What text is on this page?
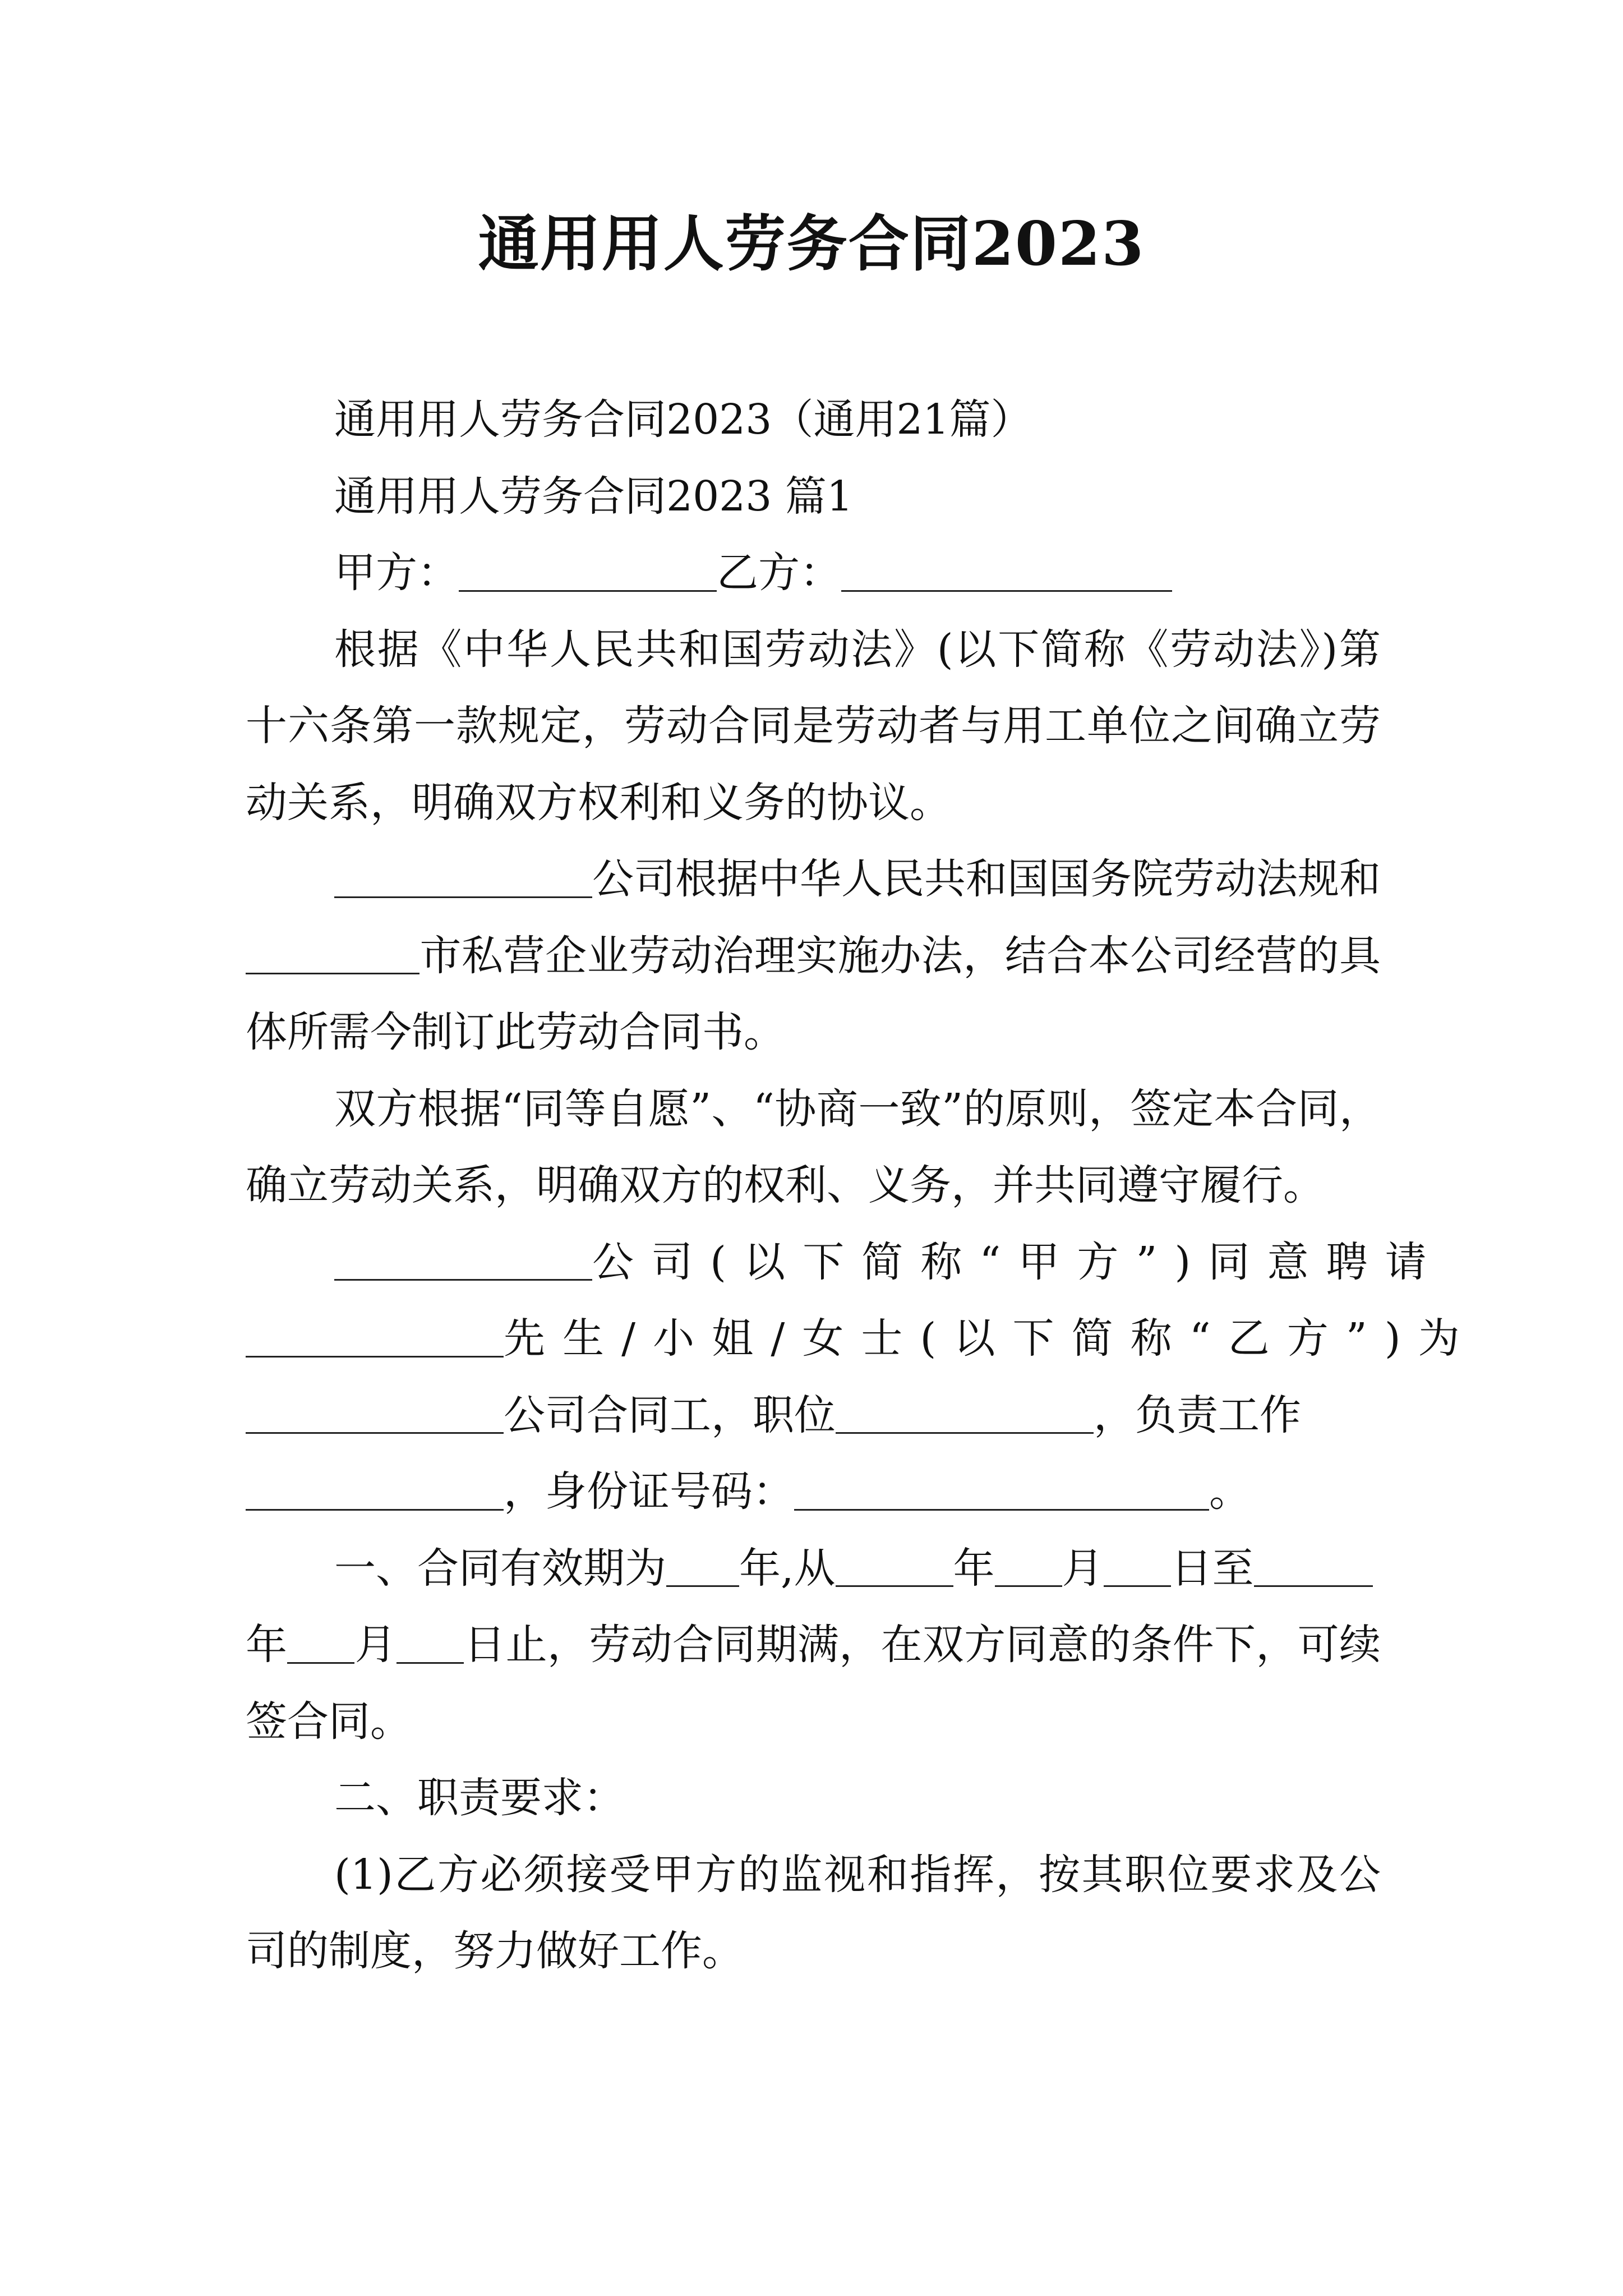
通用用人劳务合同2023

通用用人劳务合同2023（通用21篇）

通用用人劳务合同2023 篇1

甲方：	乙方：

根据《中华人民共和国劳动法》(以下简称《劳动法》)第十六条第一款规定，劳动合同是劳动者与用工单位之间确立劳动关系，明确双方权利和义务的协议。

公司根据中华人民共和国国务院劳动法规和市私营企业劳动治理实施办法，结合本公司经营的具体所需今制订此劳动合同书。

双方根据“同等自愿”、“协商一致”的原则，签定本合同，确立劳动关系，明确双方的权利、义务，并共同遵守履行。

公司(以下简称“甲方”)同意聘请

先生/小姐/女士(以下简称“乙方”)为

公司合同工，职位	，负责工作

，身份证号码：	。

一、合同有效期为 年,从	年 月 日至

年 月 日止，劳动合同期满，在双方同意的条件下，可续签合同。

二、职责要求：

(1)乙方必须接受甲方的监视和指挥，按其职位要求及公司的制度，努力做好工作。
